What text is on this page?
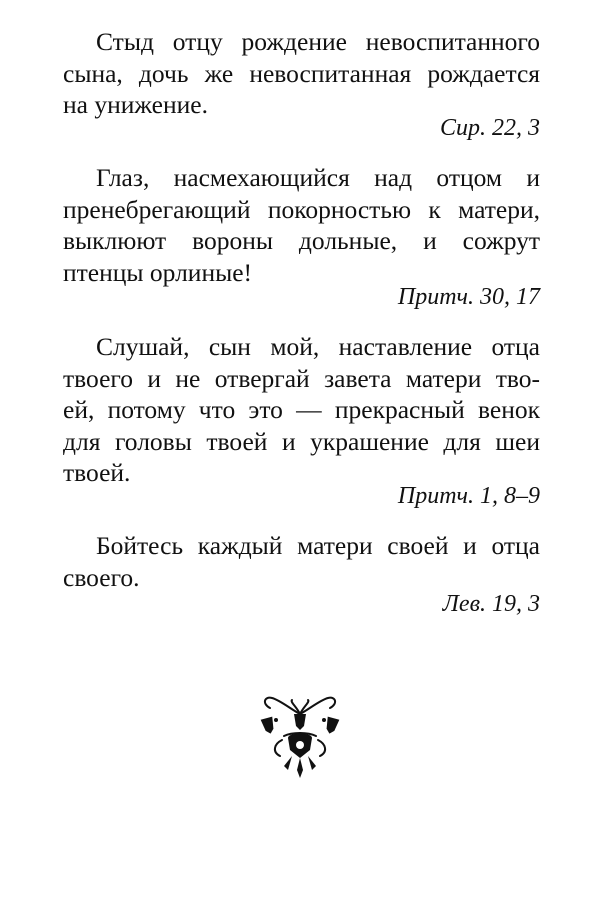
Стыд отцу рождение невоспитанного
сына, дочь же невоспитанная рождается
на унижение.
Сир. 22, 3
Глаз, насмехающийся над отцом и
пренебрегающий покорностью к матери,
выклюют вороны дольные, и сожрут
птенцы орлиные!
Притч. 30, 17
Слушай, сын мой, наставление отца
твоего и не отвергай завета матери тво-
ей, потому что это — прекрасный венок
для головы твоей и украшение для шеи
твоей.
Притч. 1, 8–9
Бойтесь каждый матери своей и отца
своего.
Лев. 19, 3
